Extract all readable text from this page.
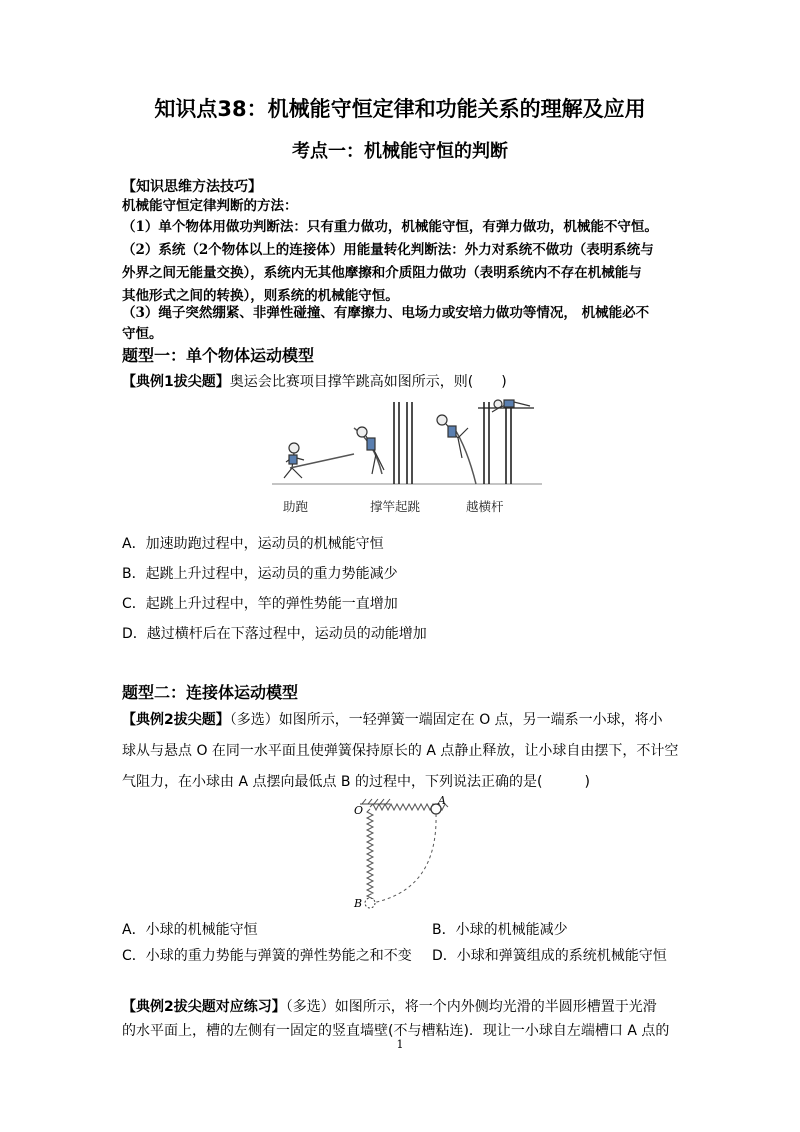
知识点38：机械能守恒定律和功能关系的理解及应用
考点一：机械能守恒的判断
【知识思维方法技巧】
机械能守恒定律判断的方法：
（1）单个物体用做功判断法：只有重力做功，机械能守恒，有弹力做功，机械能不守恒。
（2）系统（2个物体以上的连接体）用能量转化判断法：外力对系统不做功（表明系统与
外界之间无能量交换），系统内无其他摩擦和介质阻力做功（表明系统内不存在机械能与
其他形式之间的转换），则系统的机械能守恒。
（3）绳子突然绷紧、非弹性碰撞、有摩擦力、电场力或安培力做功等情况， 机械能必不
守恒。
题型一：单个物体运动模型
【典例1拔尖题】奥运会比赛项目撑竿跳高如图所示，则(　　)
助跑	撑竿起跳	越横杆
A．加速助跑过程中，运动员的机械能守恒
B．起跳上升过程中，运动员的重力势能减少
C．起跳上升过程中，竿的弹性势能一直增加
D．越过横杆后在下落过程中，运动员的动能增加
题型二：连接体运动模型
【典例2拔尖题】（多选）如图所示，一轻弹簧一端固定在 O 点，另一端系一小球，将小
球从与悬点 O 在同一水平面且使弹簧保持原长的 A 点静止释放，让小球自由摆下，不计空
气阻力，在小球由 A 点摆向最低点 B 的过程中，下列说法正确的是(　　　)
O
A
B
A．小球的机械能守恒	B．小球的机械能减少
C．小球的重力势能与弹簧的弹性势能之和不变 D．小球和弹簧组成的系统机械能守恒
【典例2拔尖题对应练习】（多选）如图所示，将一个内外侧均光滑的半圆形槽置于光滑
的水平面上，槽的左侧有一固定的竖直墙壁(不与槽粘连)．现让一小球自左端槽口 A 点的
1
